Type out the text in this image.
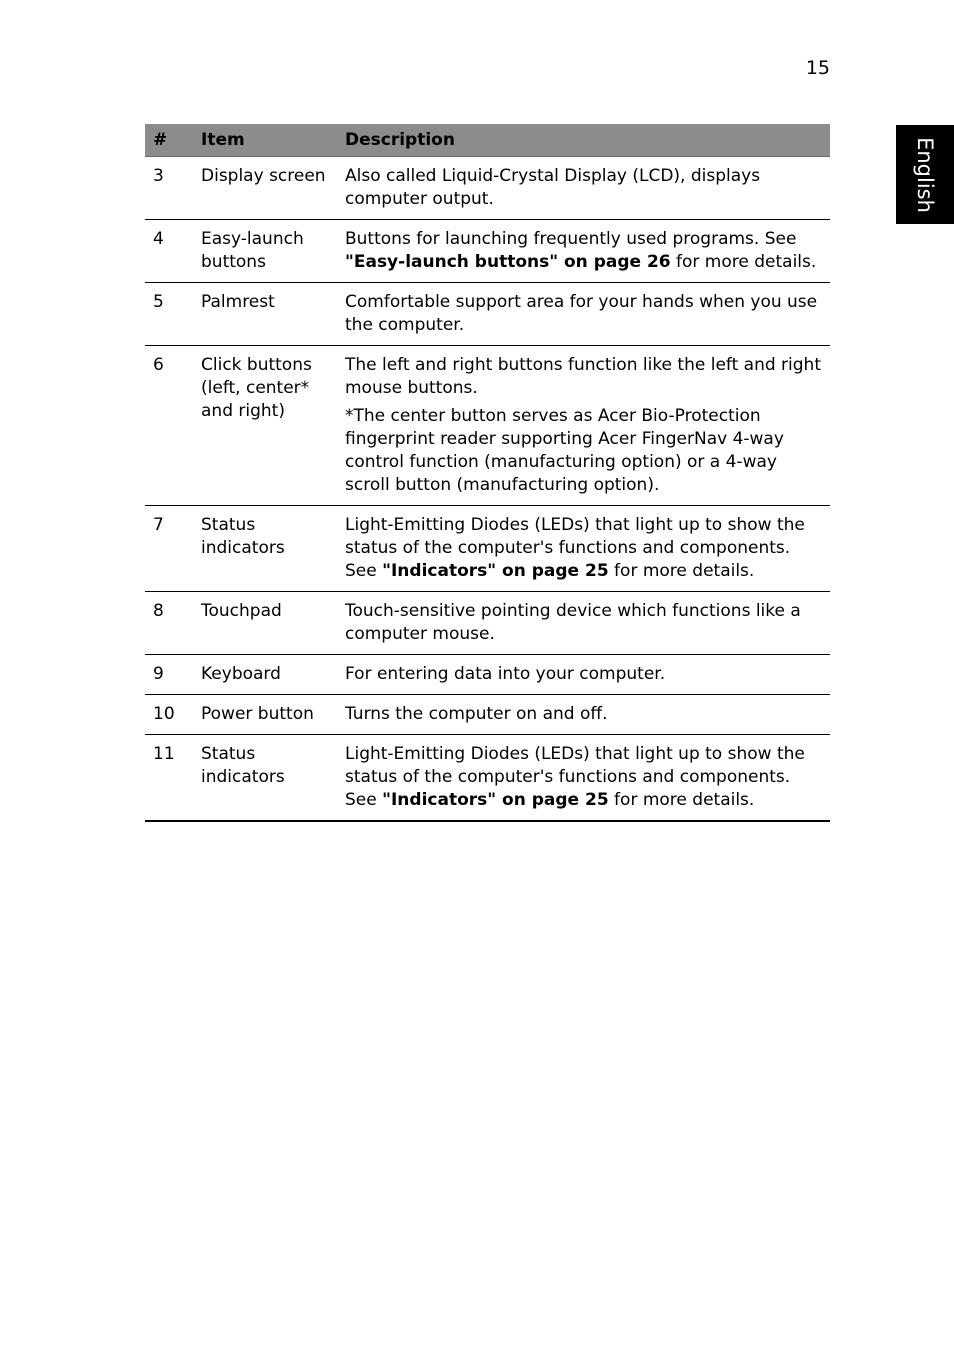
15
English
#	Item	Description
3	Display screen	Also called Liquid-Crystal Display (LCD), displays computer output.

4	Easy-launch buttons	Buttons for launching frequently used programs. See "Easy-launch buttons" on page 26 for more details.

5	Palmrest	Comfortable support area for your hands when you use the computer.

6	Click buttons (left, center* and right)	The left and right buttons function like the left and right mouse buttons.

*The center button serves as Acer Bio-Protection fingerprint reader supporting Acer FingerNav 4-way control function (manufacturing option) or a 4-way scroll button (manufacturing option).

7	Status indicators	Light-Emitting Diodes (LEDs) that light up to show the status of the computer's functions and components. See "Indicators" on page 25 for more details.

8	Touchpad	Touch-sensitive pointing device which functions like a computer mouse.

9	Keyboard	For entering data into your computer.

10	Power button	Turns the computer on and off.

11	Status indicators	Light-Emitting Diodes (LEDs) that light up to show the status of the computer's functions and components. See "Indicators" on page 25 for more details.
